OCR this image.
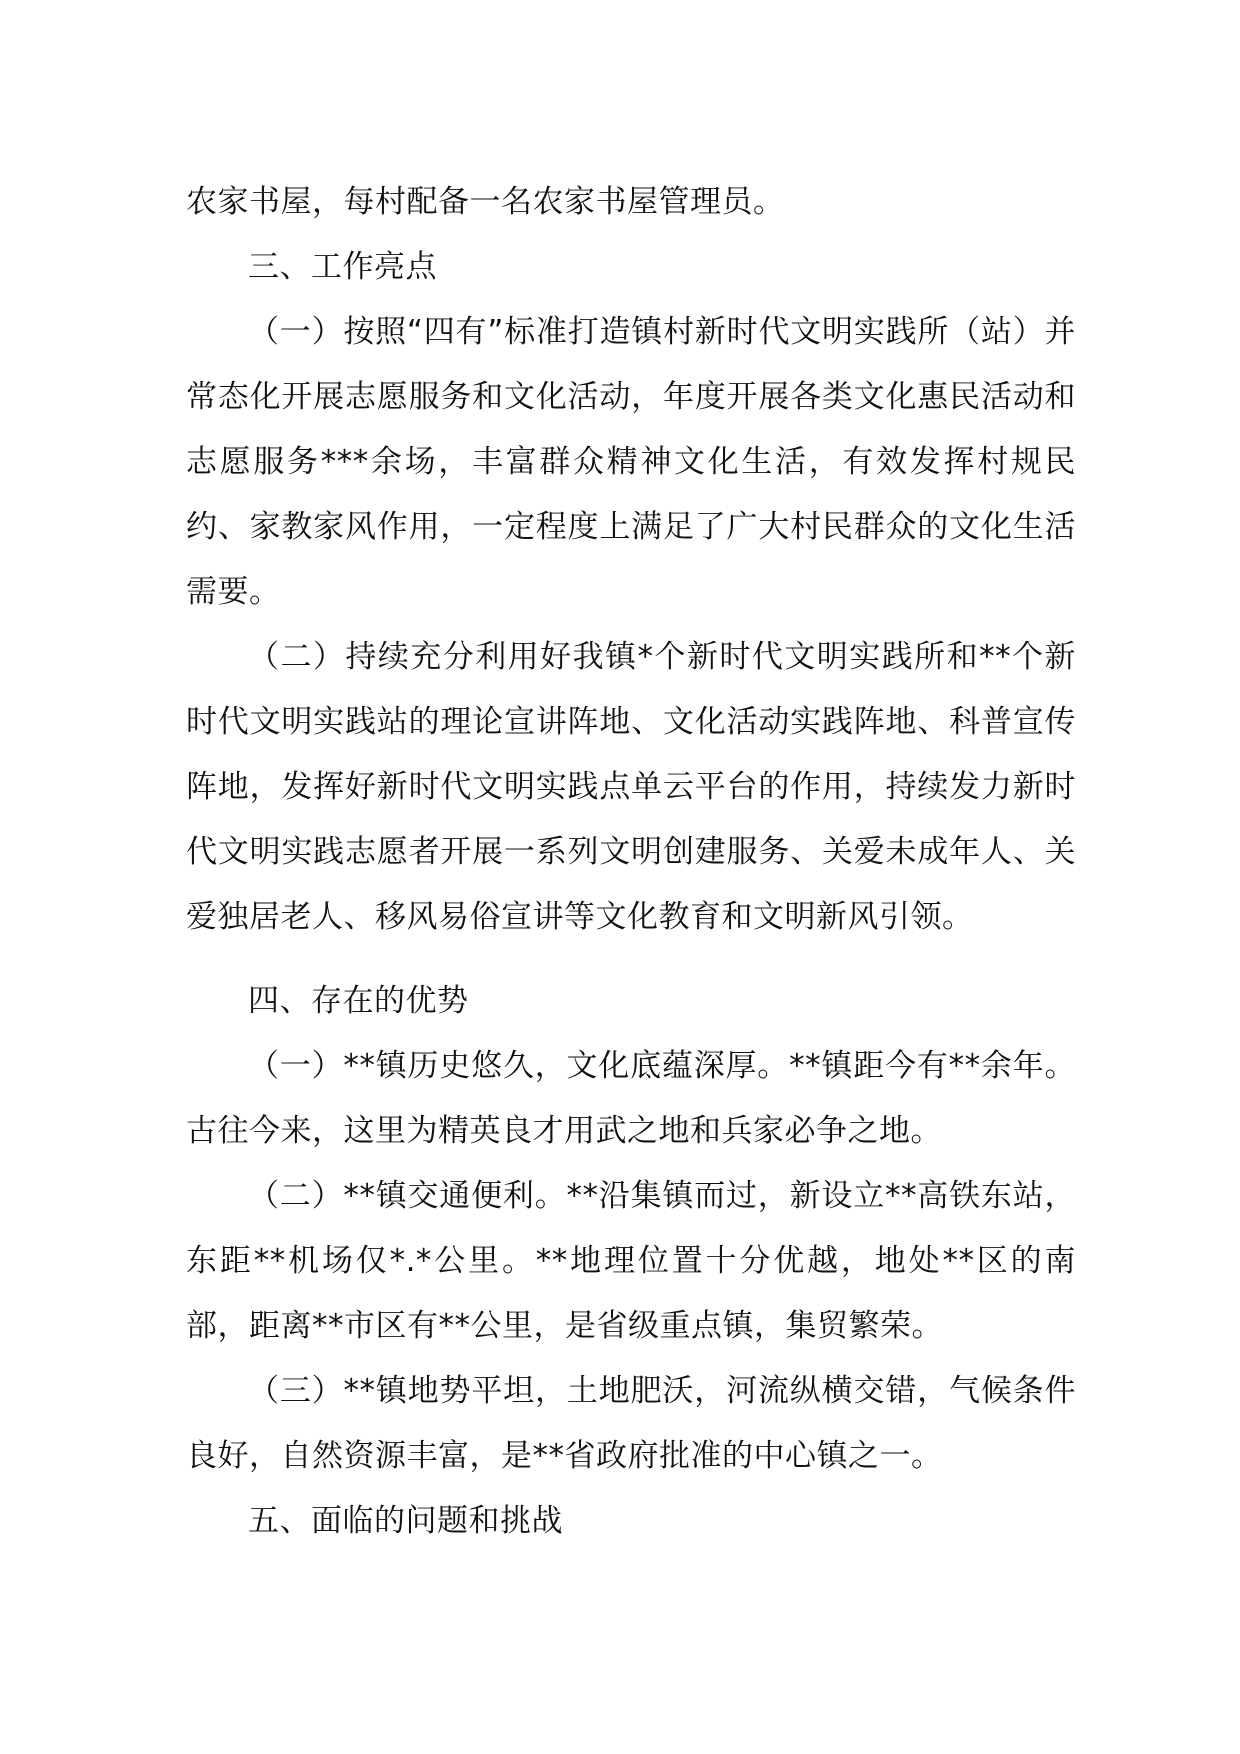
农家书屋，每村配备一名农家书屋管理员。

三、工作亮点

（一）按照“四有”标准打造镇村新时代文明实践所（站）并常态化开展志愿服务和文化活动，年度开展各类文化惠民活动和志愿服务***余场，丰富群众精神文化生活，有效发挥村规民约、家教家风作用，一定程度上满足了广大村民群众的文化生活需要。

（二）持续充分利用好我镇*个新时代文明实践所和**个新时代文明实践站的理论宣讲阵地、文化活动实践阵地、科普宣传阵地，发挥好新时代文明实践点单云平台的作用，持续发力新时代文明实践志愿者开展一系列文明创建服务、关爱未成年人、关爱独居老人、移风易俗宣讲等文化教育和文明新风引领。

四、存在的优势

（一）**镇历史悠久，文化底蕴深厚。**镇距今有**余年。古往今来，这里为精英良才用武之地和兵家必争之地。

（二）**镇交通便利。**沿集镇而过，新设立**高铁东站，东距**机场仅*.*公里。**地理位置十分优越，地处**区的南部，距离**市区有**公里，是省级重点镇，集贸繁荣。

（三）**镇地势平坦，土地肥沃，河流纵横交错，气候条件良好，自然资源丰富，是**省政府批准的中心镇之一。

五、面临的问题和挑战
